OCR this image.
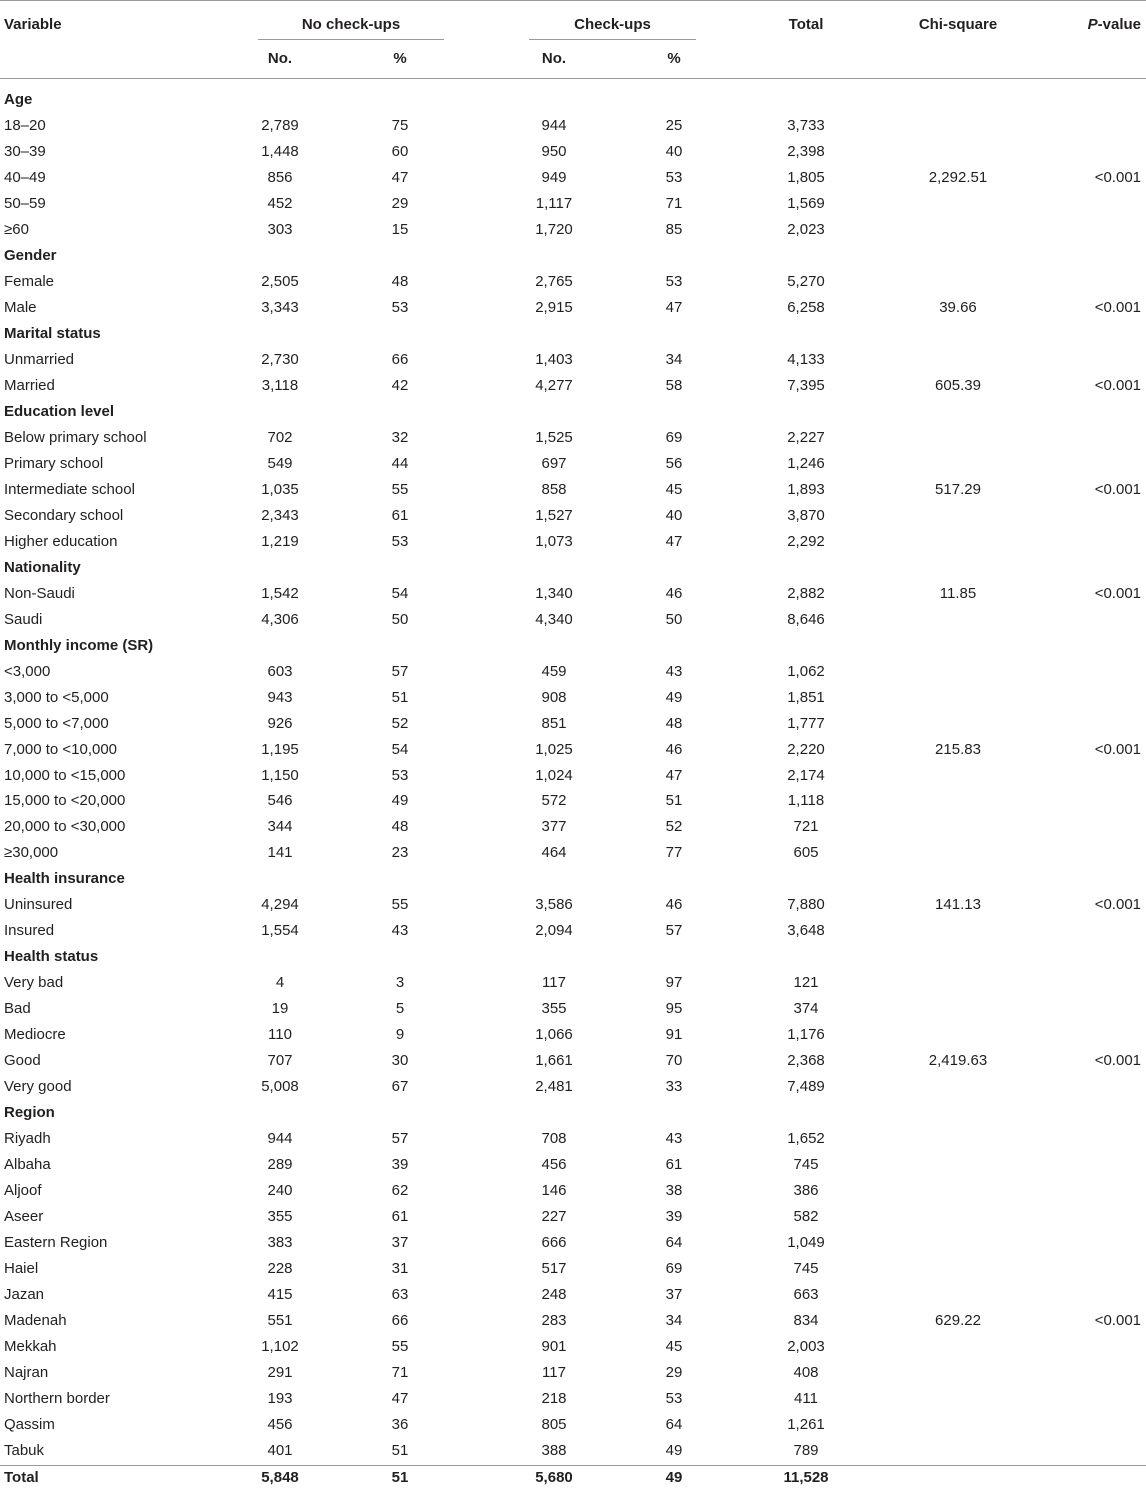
Variable	No check-ups	Check-ups	Total	Chi-square	P-value
No.	%	No.	%
Age
18–20	2,789	75	944	25	3,733
30–39	1,448	60	950	40	2,398
40–49	856	47	949	53	1,805	2,292.51	<0.001
50–59	452	29	1,117	71	1,569
≥60	303	15	1,720	85	2,023
Gender
Female	2,505	48	2,765	53	5,270
Male	3,343	53	2,915	47	6,258	39.66	<0.001
Marital status
Unmarried	2,730	66	1,403	34	4,133
Married	3,118	42	4,277	58	7,395	605.39	<0.001
Education level
Below primary school	702	32	1,525	69	2,227
Primary school	549	44	697	56	1,246
Intermediate school	1,035	55	858	45	1,893	517.29	<0.001
Secondary school	2,343	61	1,527	40	3,870
Higher education	1,219	53	1,073	47	2,292
Nationality
Non-Saudi	1,542	54	1,340	46	2,882	11.85	<0.001
Saudi	4,306	50	4,340	50	8,646
Monthly income (SR)
<3,000	603	57	459	43	1,062
3,000 to <5,000	943	51	908	49	1,851
5,000 to <7,000	926	52	851	48	1,777
7,000 to <10,000	1,195	54	1,025	46	2,220	215.83	<0.001
10,000 to <15,000	1,150	53	1,024	47	2,174
15,000 to <20,000	546	49	572	51	1,118
20,000 to <30,000	344	48	377	52	721
≥30,000	141	23	464	77	605
Health insurance
Uninsured	4,294	55	3,586	46	7,880	141.13	<0.001
Insured	1,554	43	2,094	57	3,648
Health status
Very bad	4	3	117	97	121
Bad	19	5	355	95	374
Mediocre	110	9	1,066	91	1,176
Good	707	30	1,661	70	2,368	2,419.63	<0.001
Very good	5,008	67	2,481	33	7,489
Region
Riyadh	944	57	708	43	1,652
Albaha	289	39	456	61	745
Aljoof	240	62	146	38	386
Aseer	355	61	227	39	582
Eastern Region	383	37	666	64	1,049
Haiel	228	31	517	69	745
Jazan	415	63	248	37	663
Madenah	551	66	283	34	834	629.22	<0.001
Mekkah	1,102	55	901	45	2,003
Najran	291	71	117	29	408
Northern border	193	47	218	53	411
Qassim	456	36	805	64	1,261
Tabuk	401	51	388	49	789
Total	5,848	51	5,680	49	11,528
